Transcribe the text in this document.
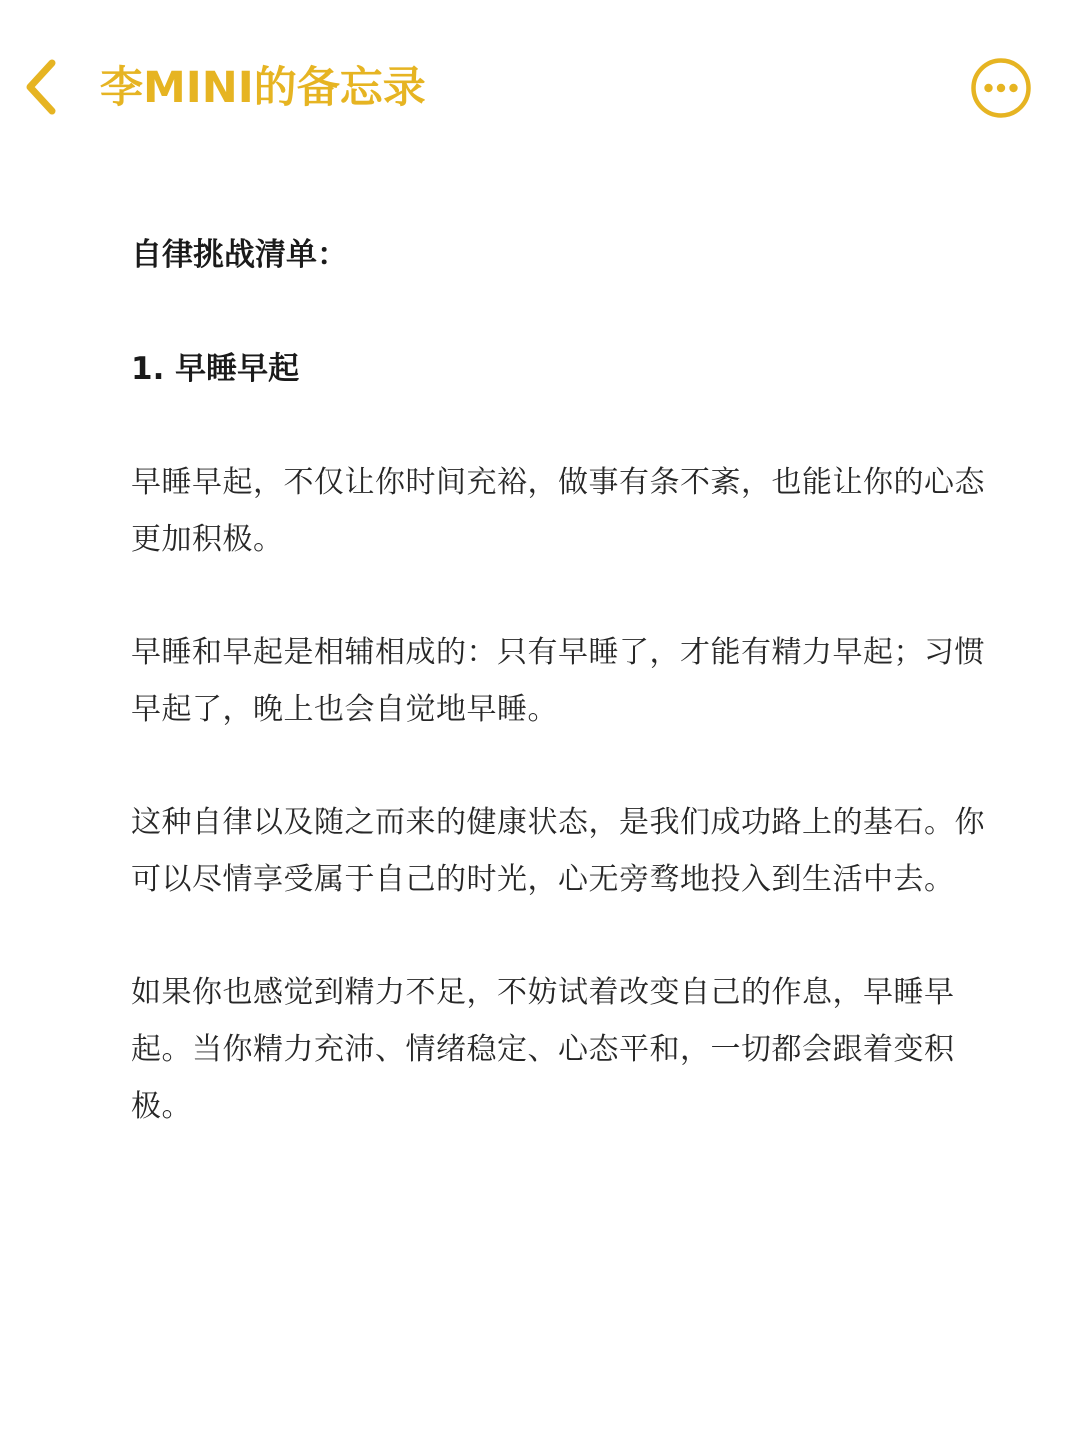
李MINI的备忘录

自律挑战清单：

1. 早睡早起

早睡早起，不仅让你时间充裕，做事有条不紊，也能让你的心态更加积极。

早睡和早起是相辅相成的：只有早睡了，才能有精力早起；习惯早起了，晚上也会自觉地早睡。

这种自律以及随之而来的健康状态，是我们成功路上的基石。你可以尽情享受属于自己的时光，心无旁骛地投入到生活中去。

如果你也感觉到精力不足，不妨试着改变自己的作息，早睡早起。当你精力充沛、情绪稳定、心态平和，一切都会跟着变积极。
